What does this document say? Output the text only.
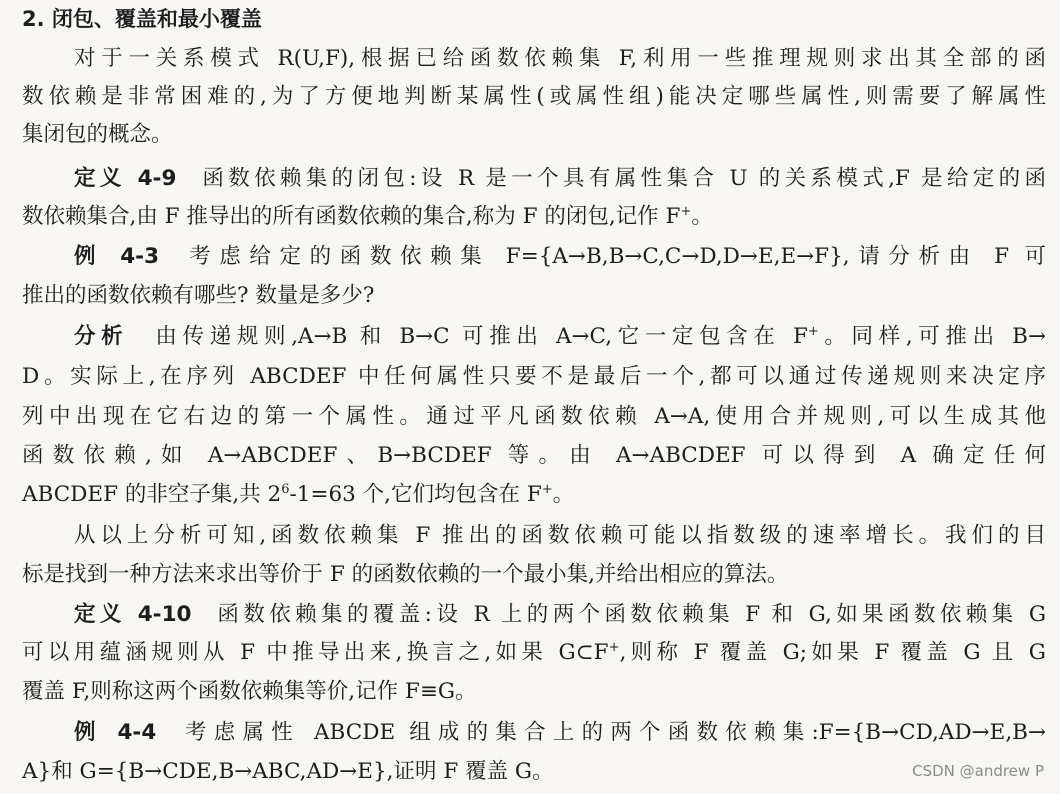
2. 闭包、覆盖和最小覆盖
对于一关系模式 R(U,F),根据已给函数依赖集 F,利用一些推理规则求出其全部的函
数依赖是非常困难的,为了方便地判断某属性(或属性组)能决定哪些属性,则需要了解属性
集闭包的概念。
定义 4-9  函数依赖集的闭包:设 R 是一个具有属性集合 U 的关系模式,F 是给定的函
数依赖集合,由 F 推导出的所有函数依赖的集合,称为 F 的闭包,记作 F+。
例 4-3  考虑给定的函数依赖集 F={A→B,B→C,C→D,D→E,E→F},请分析由 F 可
推出的函数依赖有哪些? 数量是多少?
分析  由传递规则,A→B 和 B→C 可推出 A→C,它一定包含在 F+。同样,可推出 B→
D。实际上,在序列 ABCDEF 中任何属性只要不是最后一个,都可以通过传递规则来决定序
列中出现在它右边的第一个属性。通过平凡函数依赖 A→A,使用合并规则,可以生成其他
函数依赖,如 A→ABCDEF、B→BCDEF 等。由 A→ABCDEF 可以得到 A 确定任何
ABCDEF 的非空子集,共 $2^6-1=63$ 个,它们均包含在 F+。
从以上分析可知,函数依赖集 F 推出的函数依赖可能以指数级的速率增长。我们的目
标是找到一种方法来求出等价于 F 的函数依赖的一个最小集,并给出相应的算法。
定义 4-10  函数依赖集的覆盖:设 R 上的两个函数依赖集 F 和 G,如果函数依赖集 G
可以用蕴涵规则从 F 中推导出来,换言之,如果 G⊂F+,则称 F 覆盖 G;如果 F 覆盖 G 且 G
覆盖 F,则称这两个函数依赖集等价,记作 F≡G。
例 4-4  考虑属性 ABCDE 组成的集合上的两个函数依赖集:F={B→CD,AD→E,B→
A}和 G={B→CDE,B→ABC,AD→E},证明 F 覆盖 G。	CSDN @andrew P
